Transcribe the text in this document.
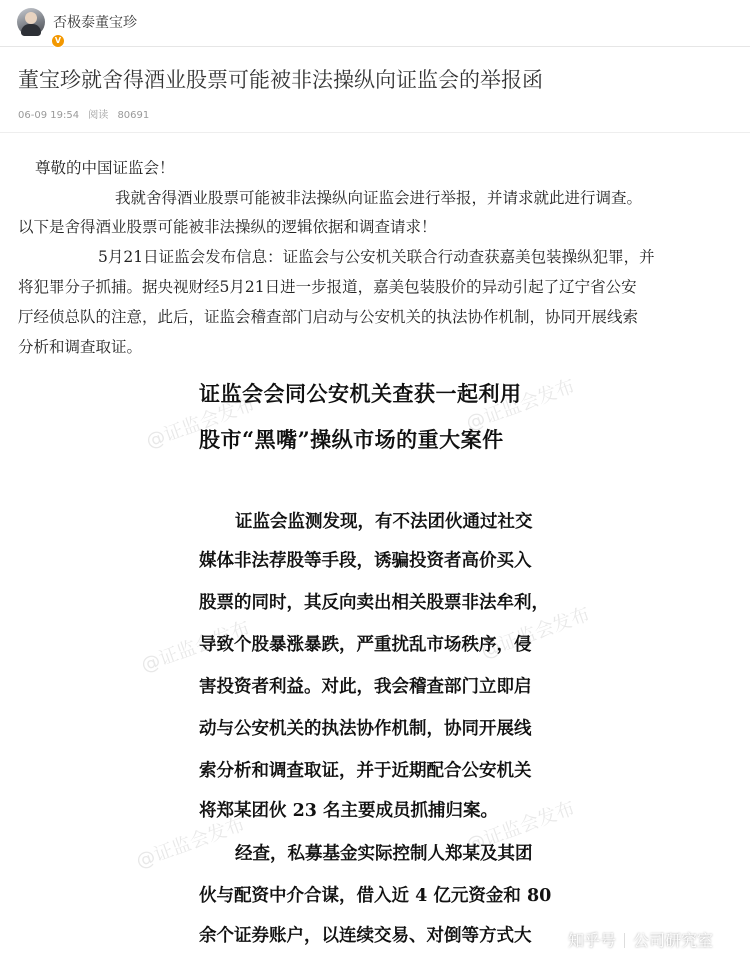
V
否极泰董宝珍
董宝珍就舍得酒业股票可能被非法操纵向证监会的举报函
06-09 19:54 阅读 80691
尊敬的中国证监会！
我就舍得酒业股票可能被非法操纵向证监会进行举报，并请求就此进行调查。
以下是舍得酒业股票可能被非法操纵的逻辑依据和调查请求！
5月21日证监会发布信息：证监会与公安机关联合行动查获嘉美包装操纵犯罪，并
将犯罪分子抓捕。据央视财经5月21日进一步报道，嘉美包装股价的异动引起了辽宁省公安
厅经侦总队的注意，此后，证监会稽查部门启动与公安机关的执法协作机制，协同开展线索
分析和调查取证。
@证监会发布	@证监会发布
@证监会发布	@证监会发布
@证监会发布	@证监会发布
证监会会同公安机关查获一起利用
股市“黑嘴”操纵市场的重大案件
证监会监测发现，有不法团伙通过社交
媒体非法荐股等手段，诱骗投资者高价买入
股票的同时，其反向卖出相关股票非法牟利，
导致个股暴涨暴跌，严重扰乱市场秩序，侵
害投资者利益。对此，我会稽查部门立即启
动与公安机关的执法协作机制，协同开展线
索分析和调查取证，并于近期配合公安机关
将郑某团伙 23 名主要成员抓捕归案。
经查，私募基金实际控制人郑某及其团
伙与配资中介合谋，借入近 4 亿元资金和 80
余个证券账户，以连续交易、对倒等方式大 知乎号 公司研究室
